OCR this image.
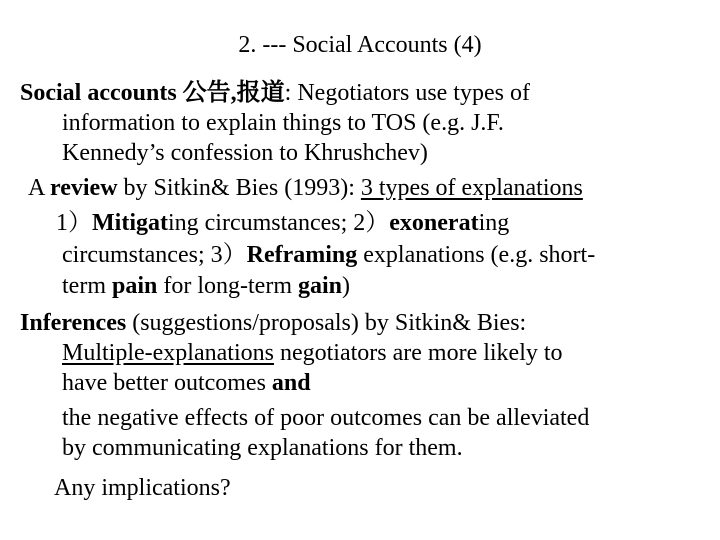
2. --- Social Accounts (4)
Social accounts 公告,报道: Negotiators use types of
information to explain things to TOS (e.g. J.F.
Kennedy’s confession to Khrushchev)
A review by Sitkin& Bies (1993): 3 types of explanations
1）Mitigating circumstances; 2）exonerating
circumstances; 3）Reframing explanations (e.g. short-
term pain for long-term gain)
Inferences (suggestions/proposals) by Sitkin& Bies:
Multiple-explanations negotiators are more likely to
have better outcomes and
the negative effects of poor outcomes can be alleviated
by communicating explanations for them.
Any implications?
